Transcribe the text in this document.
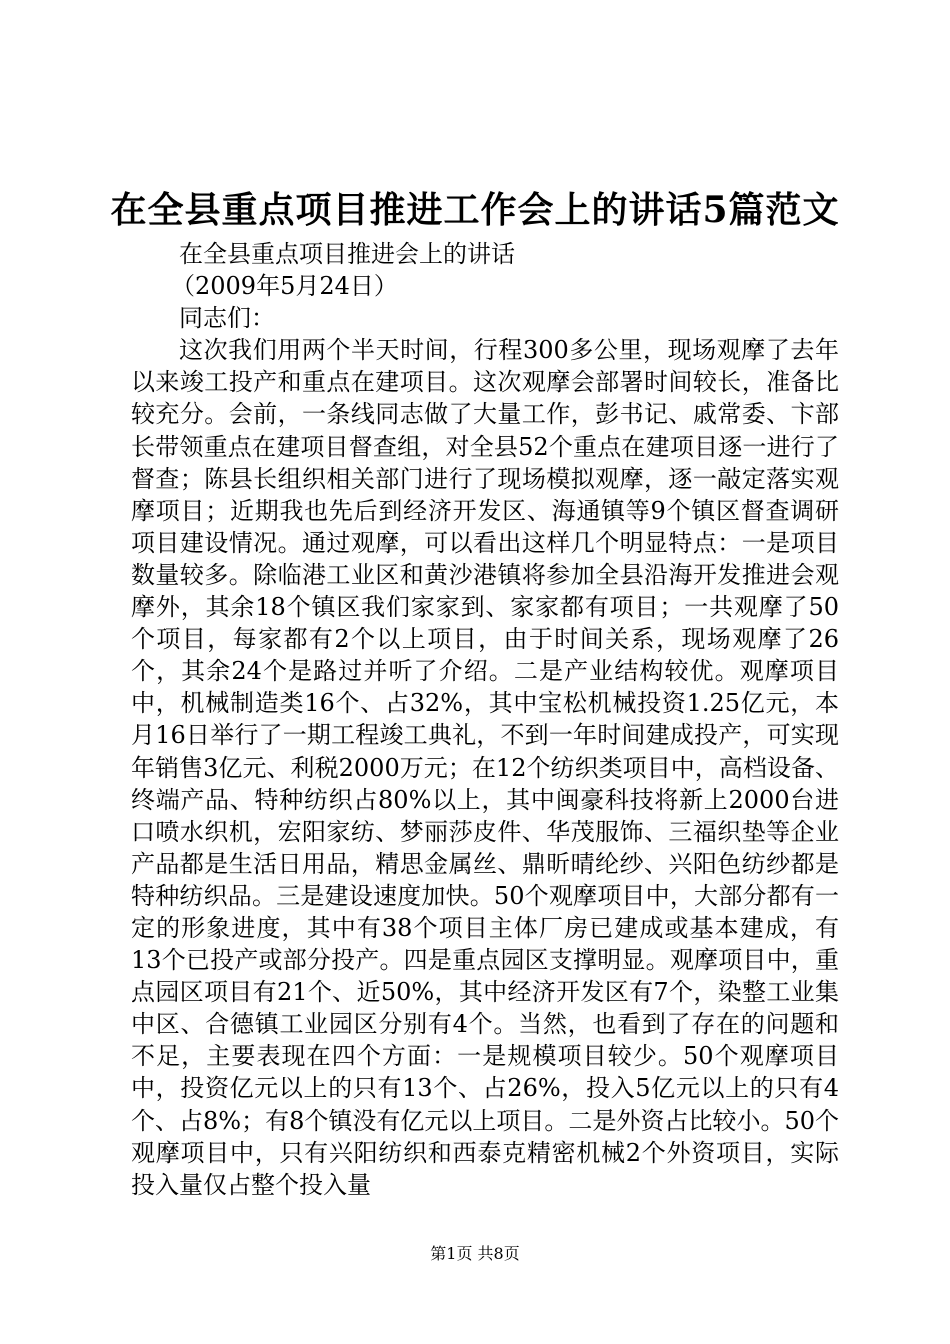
在全县重点项目推进工作会上的讲话5篇范文
在全县重点项目推进会上的讲话
（2009年5月24日）
同志们：

这次我们用两个半天时间，行程300多公里，现场观摩了去年以来竣工投产和重点在建项目。这次观摩会部署时间较长，准备比较充分。会前，一条线同志做了大量工作，彭书记、戚常委、卞部长带领重点在建项目督查组，对全县52个重点在建项目逐一进行了督查；陈县长组织相关部门进行了现场模拟观摩，逐一敲定落实观摩项目；近期我也先后到经济开发区、海通镇等9个镇区督查调研项目建设情况。通过观摩，可以看出这样几个明显特点：一是项目数量较多。除临港工业区和黄沙港镇将参加全县沿海开发推进会观摩外，其余18个镇区我们家家到、家家都有项目；一共观摩了50个项目，每家都有2个以上项目，由于时间关系，现场观摩了26个，其余24个是路过并听了介绍。二是产业结构较优。观摩项目中，机械制造类16个、占32%，其中宝松机械投资1.25亿元，本月16日举行了一期工程竣工典礼，不到一年时间建成投产，可实现年销售3亿元、利税2000万元；在12个纺织类项目中，高档设备、终端产品、特种纺织占80%以上，其中闽豪科技将新上2000台进口喷水织机，宏阳家纺、梦丽莎皮件、华茂服饰、三福织垫等企业产品都是生活日用品，精思金属丝、鼎昕晴纶纱、兴阳色纺纱都是特种纺织品。三是建设速度加快。50个观摩项目中，大部分都有一定的形象进度，其中有38个项目主体厂房已建成或基本建成，有13个已投产或部分投产。四是重点园区支撑明显。观摩项目中，重点园区项目有21个、近50%，其中经济开发区有7个，染整工业集中区、合德镇工业园区分别有4个。当然，也看到了存在的问题和不足，主要表现在四个方面：一是规模项目较少。50个观摩项目中，投资亿元以上的只有13个、占26%，投入5亿元以上的只有4个、占8%；有8个镇没有亿元以上项目。二是外资占比较小。50个观摩项目中，只有兴阳纺织和西泰克精密机械2个外资项目，实际投入量仅占整个投入量

第1页 共8页
